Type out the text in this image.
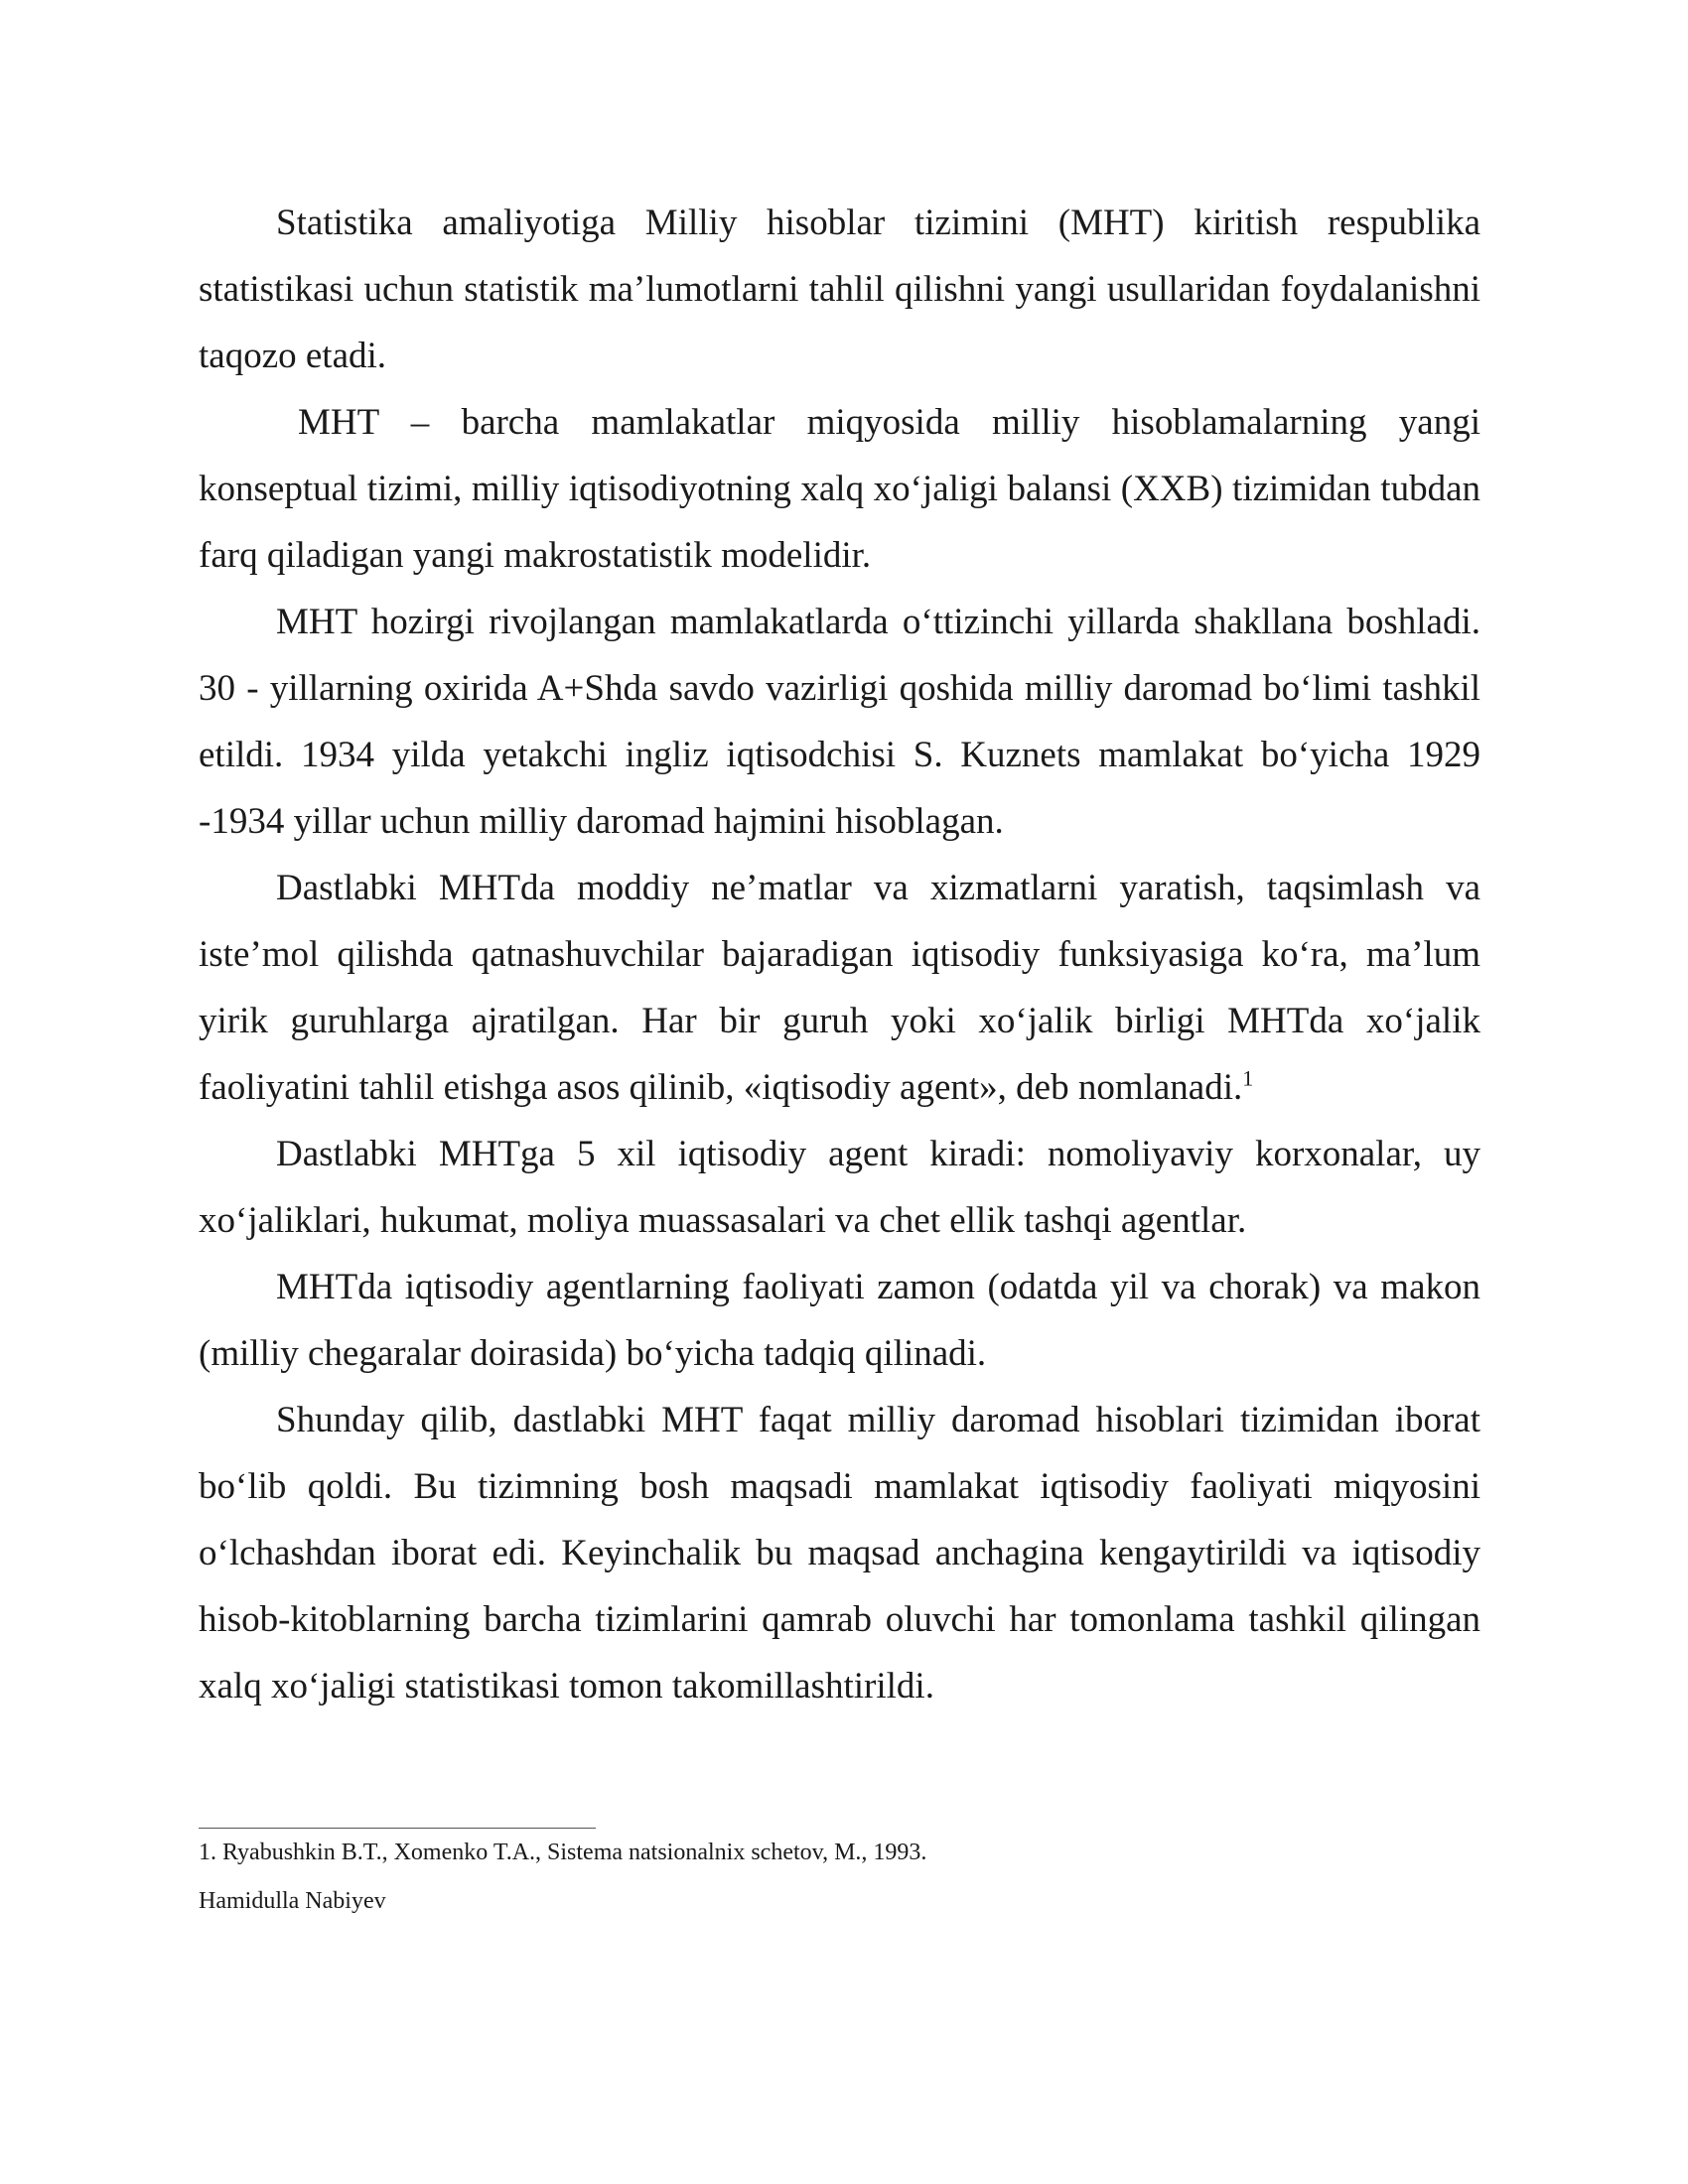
Statistika amaliyotiga Milliy hisoblar tizimini (MHT) kiritish respublika statistikasi uchun statistik ma’lumotlarni tahlil qilishni yangi usullaridan foydalanishni taqozo etadi.

MHT – barcha mamlakatlar miqyosida milliy hisoblamalarning yangi konseptual tizimi, milliy iqtisodiyotning xalq xo‘jaligi balansi (XXB) tizimidan tubdan farq qiladigan yangi makrostatistik modelidir.

MHT hozirgi rivojlangan mamlakatlarda o‘ttizinchi yillarda shakllana boshladi. 30 - yillarning oxirida A+Shda savdo vazirligi qoshida milliy daromad bo‘limi tashkil etildi. 1934 yilda yetakchi ingliz iqtisodchisi S. Kuznets mamlakat bo‘yicha 1929 -1934 yillar uchun milliy daromad hajmini hisoblagan.

Dastlabki MHTda moddiy ne’matlar va xizmatlarni yaratish, taqsimlash va iste’mol qilishda qatnashuvchilar bajaradigan iqtisodiy funksiyasiga ko‘ra, ma’lum yirik guruhlarga ajratilgan. Har bir guruh yoki xo‘jalik birligi MHTda xo‘jalik faoliyatini tahlil etishga asos qilinib, «iqtisodiy agent», deb nomlanadi.$^1$

Dastlabki MHTga 5 xil iqtisodiy agent kiradi: nomoliyaviy korxonalar, uy xo‘jaliklari, hukumat, moliya muassasalari va chet ellik tashqi agentlar.

MHTda iqtisodiy agentlarning faoliyati zamon (odatda yil va chorak) va makon (milliy chegaralar doirasida) bo‘yicha tadqiq qilinadi.

Shunday qilib, dastlabki MHT faqat milliy daromad hisoblari tizimidan iborat bo‘lib qoldi. Bu tizimning bosh maqsadi mamlakat iqtisodiy faoliyati miqyosini o‘lchashdan iborat edi. Keyinchalik bu maqsad anchagina kengaytirildi va iqtisodiy hisob-kitoblarning barcha tizimlarini qamrab oluvchi har tomonlama tashkil qilingan xalq xo‘jaligi statistikasi tomon takomillashtirildi.

1. Ryabushkin B.T., Xomenko T.A., Sistema natsionalnix schetov, M., 1993.

Hamidulla Nabiyev
